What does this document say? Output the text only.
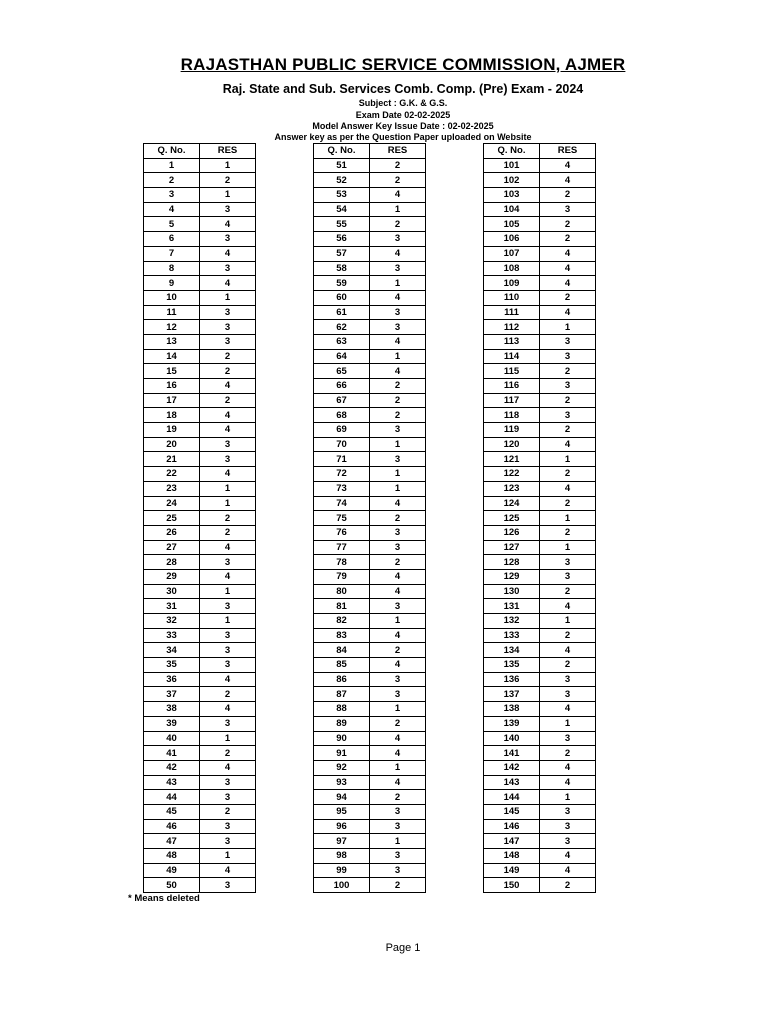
RAJASTHAN PUBLIC SERVICE COMMISSION, AJMER
Raj. State and Sub. Services Comb. Comp. (Pre) Exam - 2024
Subject : G.K. & G.S.
Exam Date 02-02-2025
Model Answer Key Issue Date : 02-02-2025
Answer key as per the Question Paper uploaded on Website
Q. No.	RES
1	1
2	2
3	1
4	3
5	4
6	3
7	4
8	3
9	4
10	1
11	3
12	3
13	3
14	2
15	2
16	4
17	2
18	4
19	4
20	3
21	3
22	4
23	1
24	1
25	2
26	2
27	4
28	3
29	4
30	1
31	3
32	1
33	3
34	3
35	3
36	4
37	2
38	4
39	3
40	1
41	2
42	4
43	3
44	3
45	2
46	3
47	3
48	1
49	4
50	3
Q. No.	RES
51	2
52	2
53	4
54	1
55	2
56	3
57	4
58	3
59	1
60	4
61	3
62	3
63	4
64	1
65	4
66	2
67	2
68	2
69	3
70	1
71	3
72	1
73	1
74	4
75	2
76	3
77	3
78	2
79	4
80	4
81	3
82	1
83	4
84	2
85	4
86	3
87	3
88	1
89	2
90	4
91	4
92	1
93	4
94	2
95	3
96	3
97	1
98	3
99	3
100	2
Q. No.	RES
101	4
102	4
103	2
104	3
105	2
106	2
107	4
108	4
109	4
110	2
111	4
112	1
113	3
114	3
115	2
116	3
117	2
118	3
119	2
120	4
121	1
122	2
123	4
124	2
125	1
126	2
127	1
128	3
129	3
130	2
131	4
132	1
133	2
134	4
135	2
136	3
137	3
138	4
139	1
140	3
141	2
142	4
143	4
144	1
145	3
146	3
147	3
148	4
149	4
150	2
* Means deleted
Page 1
